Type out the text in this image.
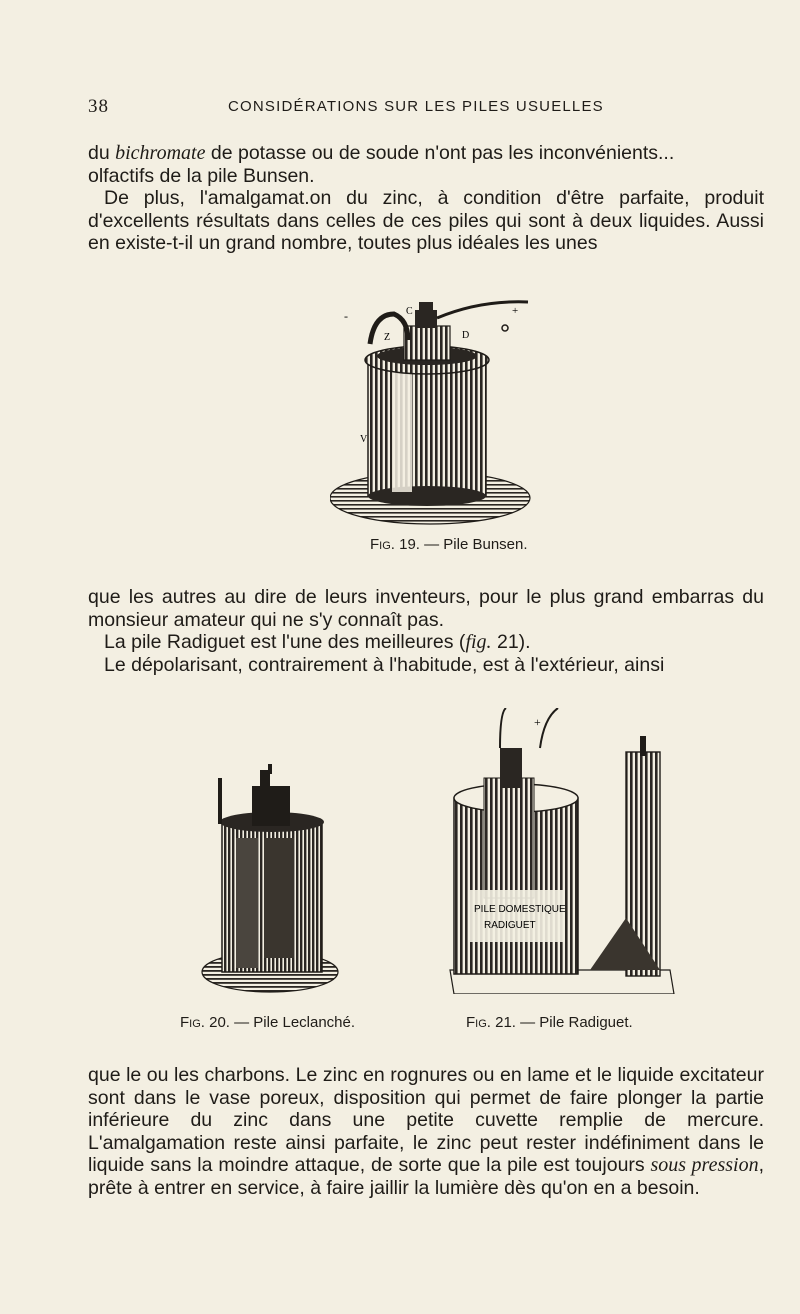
38	CONSIDÉRATIONS SUR LES PILES USUELLES

du bichromate de potasse ou de soude n'ont pas les inconvénients...

olfactifs de la pile Bunsen.

De plus, l'amalgamat.on du zinc, à condition d'être parfaite, produit d'excellents résultats dans celles de ces piles qui sont à deux liquides. Aussi en existe-t-il un grand nombre, toutes plus idéales les unes

C
Z	D
V
+
-
Fig. 19. — Pile Bunsen.

que les autres au dire de leurs inventeurs, pour le plus grand embarras du monsieur amateur qui ne s'y connaît pas.

La pile Radiguet est l'une des meilleures (fig. 21).

Le dépolarisant, contrairement à l'habitude, est à l'extérieur, ainsi

PILE DOMESTIQUE
RADIGUET
+
Fig. 20. — Pile Leclanché.	Fig. 21. — Pile Radiguet.

que le ou les charbons. Le zinc en rognures ou en lame et le liquide excitateur sont dans le vase poreux, disposition qui permet de faire plonger la partie inférieure du zinc dans une petite cuvette remplie de mercure. L'amalgamation reste ainsi parfaite, le zinc peut rester indéfiniment dans le liquide sans la moindre attaque, de sorte que la pile est toujours sous pression, prête à entrer en service, à faire jaillir la lumière dès qu'on en a besoin.
